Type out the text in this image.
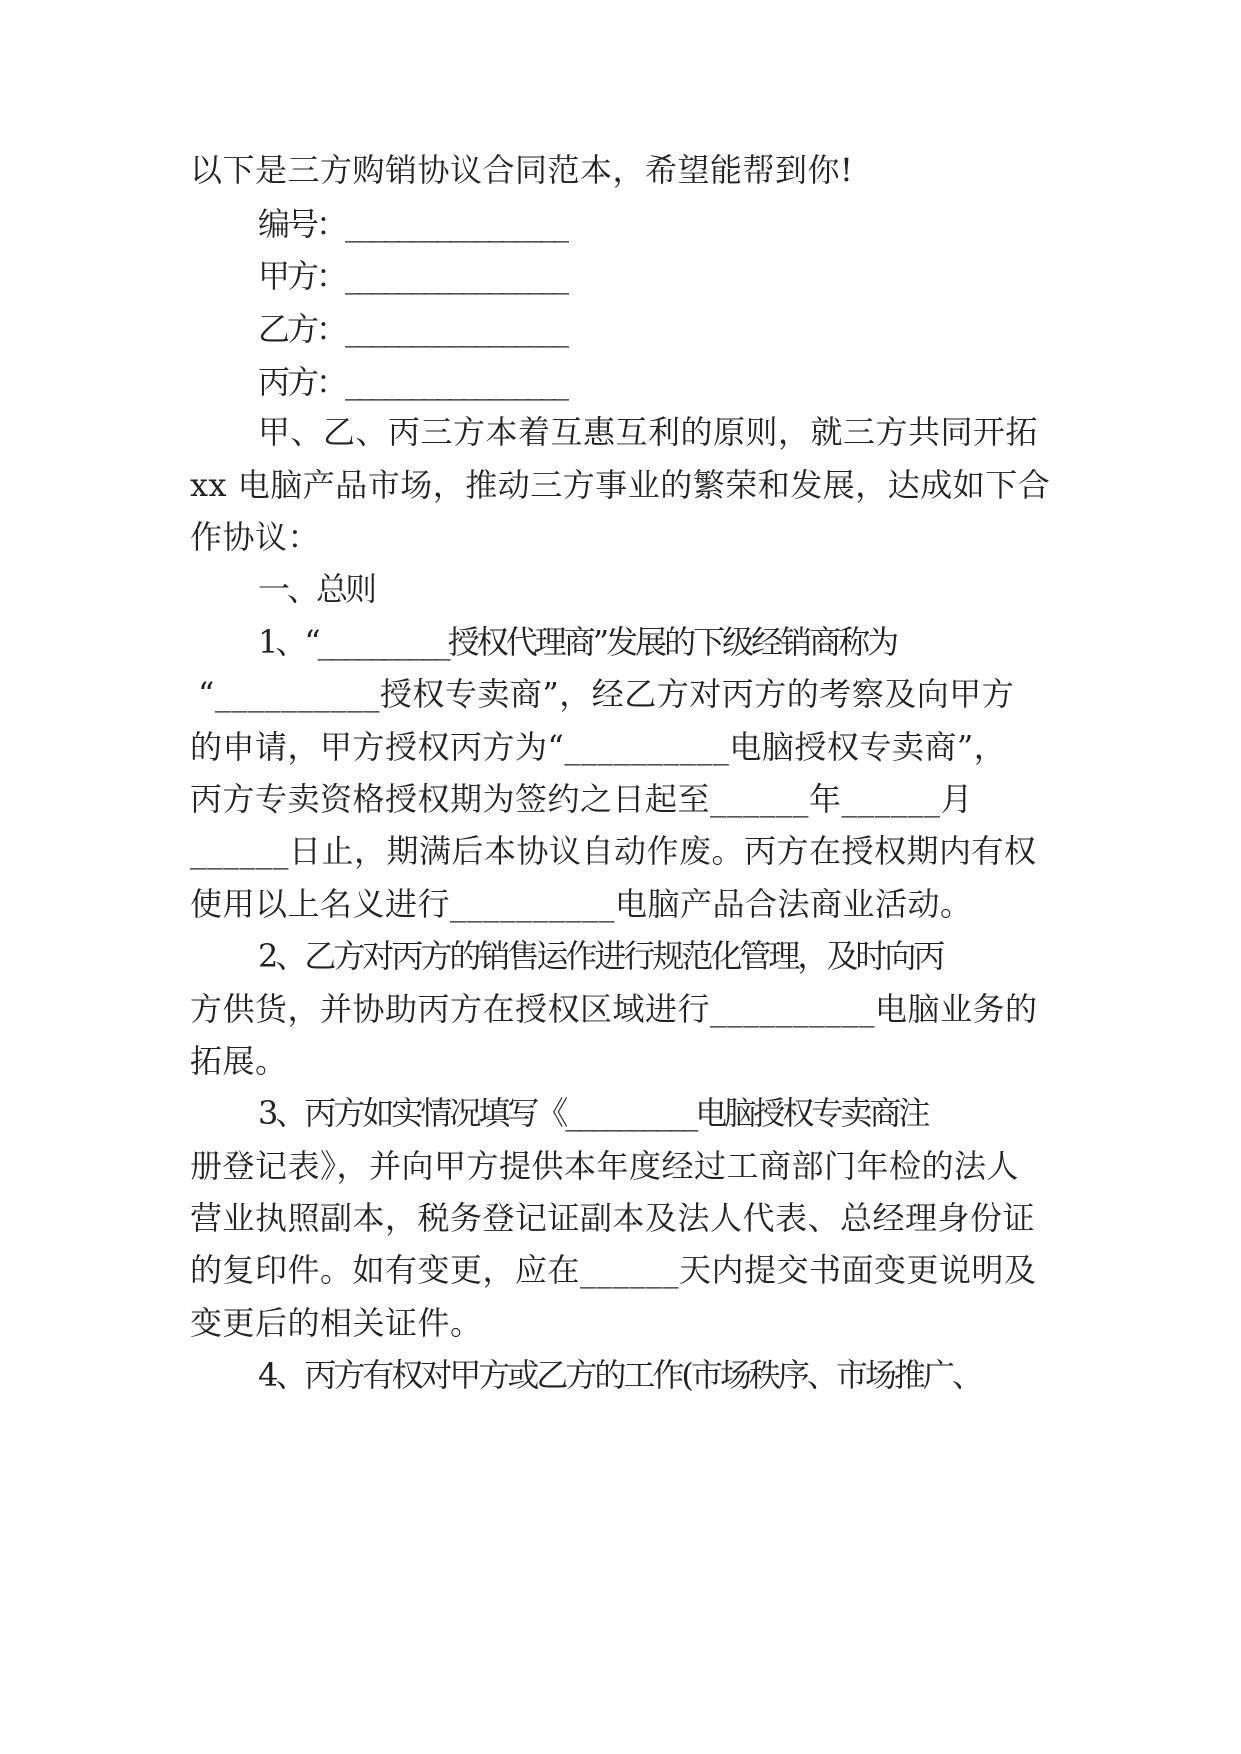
以下是三方购销协议合同范本，希望能帮到你!
编号：_________________
甲方：_________________
乙方：_________________
丙方：_________________
甲、乙、丙三方本着互惠互利的原则，就三方共同开拓
xx 电脑产品市场，推动三方事业的繁荣和发展，达成如下合
作协议：
一、总则
1、“__________授权代理商”发展的下级经销商称为
“__________授权专卖商”，经乙方对丙方的考察及向甲方
的申请，甲方授权丙方为“__________电脑授权专卖商”，
丙方专卖资格授权期为签约之日起至______年______月
______日止，期满后本协议自动作废。丙方在授权期内有权
使用以上名义进行__________电脑产品合法商业活动。
2、乙方对丙方的销售运作进行规范化管理，及时向丙
方供货，并协助丙方在授权区域进行__________电脑业务的
拓展。
3、丙方如实情况填写《__________电脑授权专卖商注
册登记表》，并向甲方提供本年度经过工商部门年检的法人
营业执照副本，税务登记证副本及法人代表、总经理身份证
的复印件。如有变更，应在______天内提交书面变更说明及
变更后的相关证件。
4、丙方有权对甲方或乙方的工作(市场秩序、市场推广、
